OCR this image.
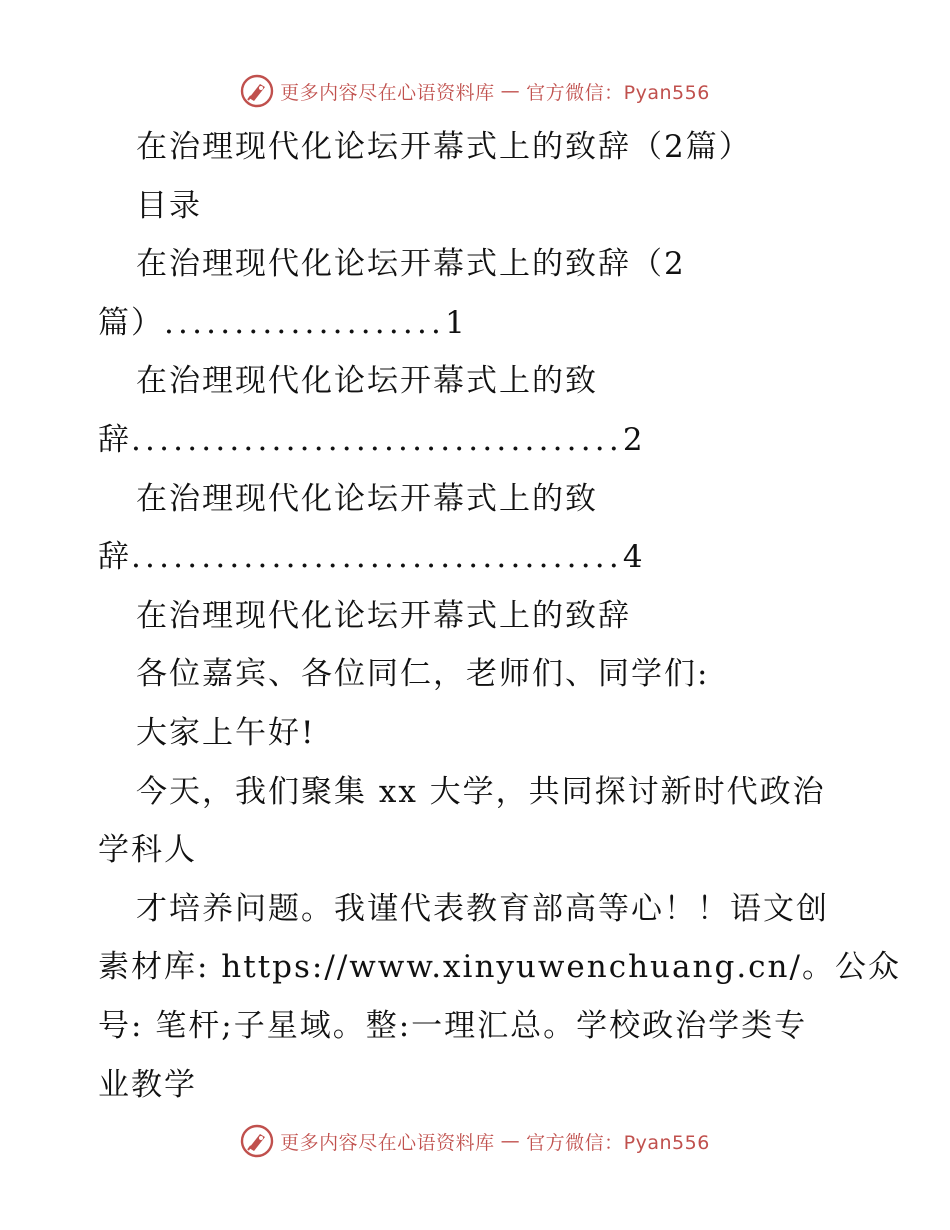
更多内容尽在心语资料库 — 官方微信：Pyan556
在治理现代化论坛开幕式上的致辞（2篇）
目录
在治理现代化论坛开幕式上的致辞（2
篇） .................... 1
在治理现代化论坛开幕式上的致
辞 ................................... 2
在治理现代化论坛开幕式上的致
辞 ................................... 4
在治理现代化论坛开幕式上的致辞
各位嘉宾、各位同仁，老师们、同学们:
大家上午好!
今天，我们聚集 xx 大学，共同探讨新时代政治
学科人
才培养问题。我谨代表教育部高等心！！语文创
素材库: https://www.xinyuwenchuang.cn/。公众
号: 笔杆;子星域。整:一理汇总。学校政治学类专
业教学
更多内容尽在心语资料库 — 官方微信：Pyan556
